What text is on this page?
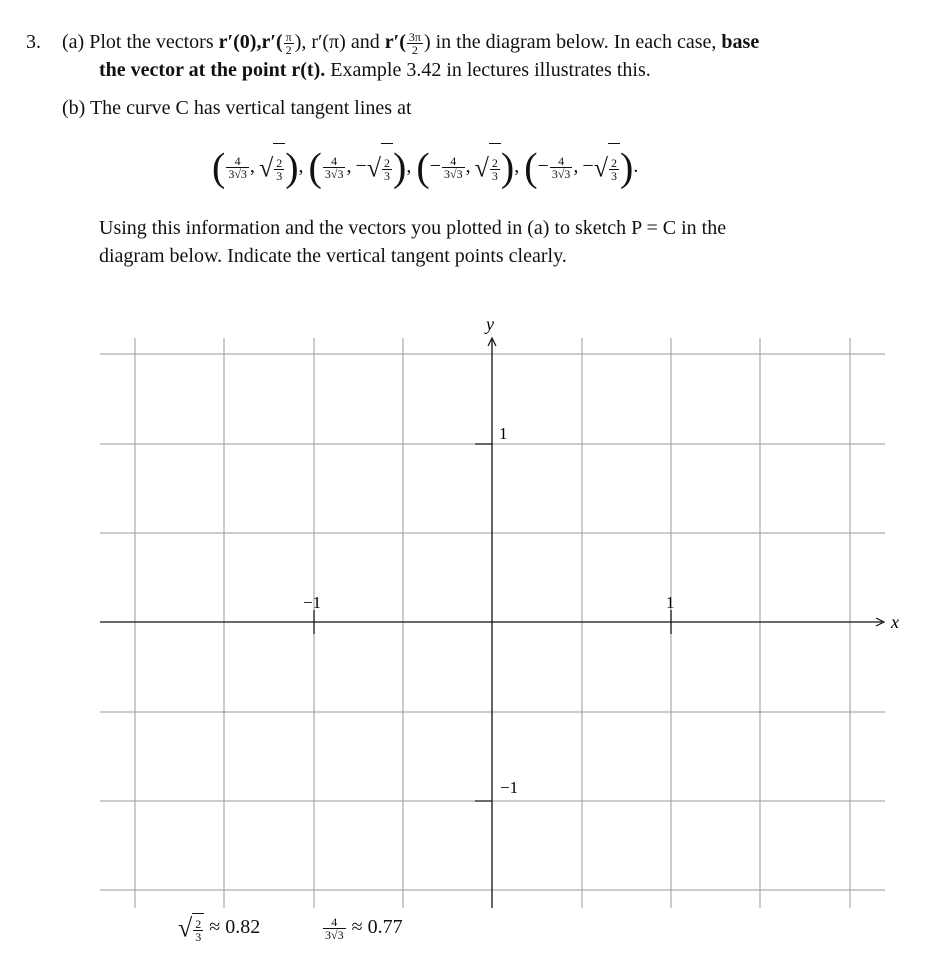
3. (a) Plot the vectors $r'(0),r'( \frac{\pi}{2}$ ), r′(π) and $r'( \frac{3\pi}{2}$ ) in the diagram below. In each case, base
the vector at the point r(t). Example 3.42 in lectures illustrates this.
(b) The curve C has vertical tangent lines at
( $\frac{4}{3√3}$ , √ $\frac{2}{3}$ ), ( $\frac{4}{3√3}$ , −√ $\frac{2}{3}$ ), (− $\frac{4}{3√3}$ , √ $\frac{2}{3}$ ), (− $\frac{4}{3√3}$ , −√ $\frac{2}{3}$ ).
Using this information and the vectors you plotted in (a) to sketch P = C in the
diagram below. Indicate the vertical tangent points clearly.
x
y
−1	1
1
−1
√ $\frac{2}{3} \approx 0.82$	$\frac{4}{3√3} \approx 0.77$
